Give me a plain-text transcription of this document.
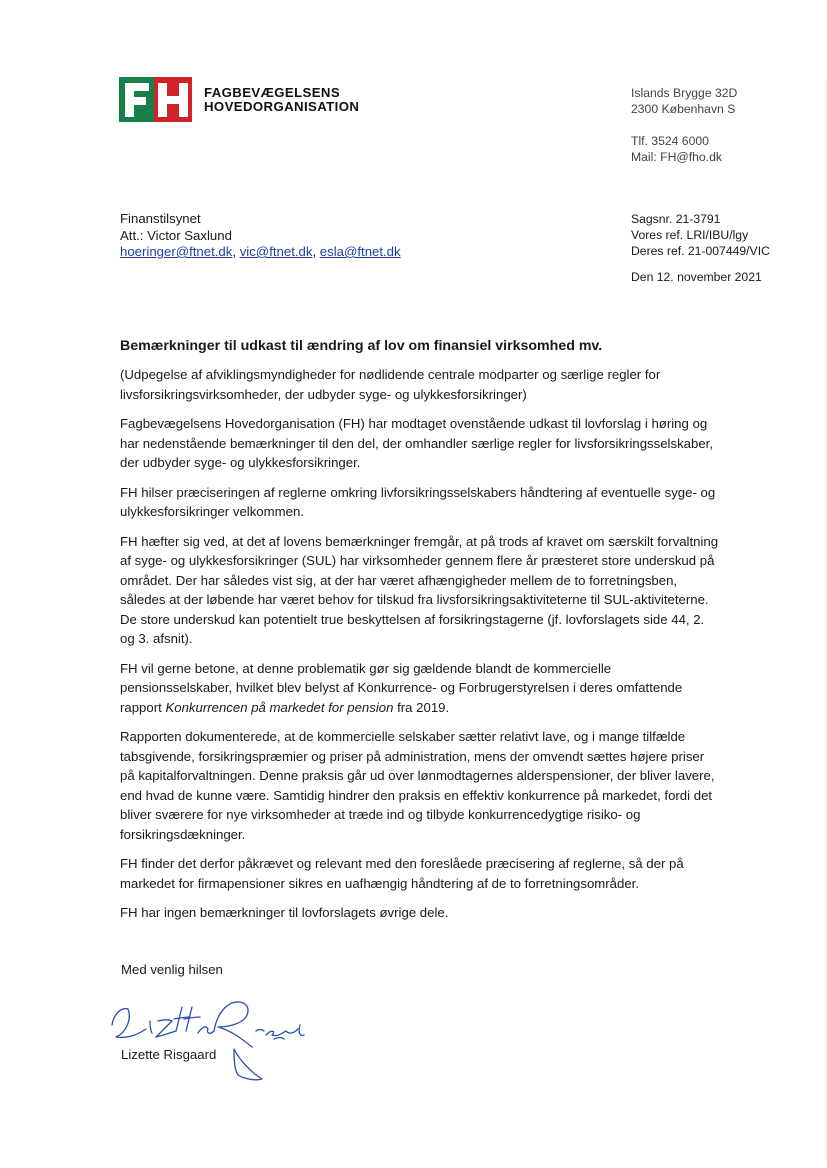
FAGBEVÆGELSENS
HOVEDORGANISATION
Islands Brygge 32D
2300 København S
Tlf. 3524 6000
Mail: FH@fho.dk
Finanstilsynet
Att.: Victor Saxlund
hoeringer@ftnet.dk, vic@ftnet.dk, esla@ftnet.dk
Sagsnr. 21-3791
Vores ref. LRI/IBU/lgy
Deres ref. 21-007449/VIC
Den 12. november 2021
Bemærkninger til udkast til ændring af lov om finansiel virksomhed mv.

(Udpegelse af afviklingsmyndigheder for nødlidende centrale modparter og særlige regler for livsforsikringsvirksomheder, der udbyder syge- og ulykkesforsikringer)

Fagbevægelsens Hovedorganisation (FH) har modtaget ovenstående udkast til lovforslag i høring og har nedenstående bemærkninger til den del, der omhandler særlige regler for livsforsikringsselskaber, der udbyder syge- og ulykkesforsikringer.

FH hilser præciseringen af reglerne omkring livforsikringsselskabers håndtering af eventuelle syge- og ulykkesforsikringer velkommen.

FH hæfter sig ved, at det af lovens bemærkninger fremgår, at på trods af kravet om særskilt forvaltning af syge- og ulykkesforsikringer (SUL) har virksomheder gennem flere år præsteret store underskud på området. Der har således vist sig, at der har været afhængigheder mellem de to forretningsben, således at der løbende har været behov for tilskud fra livsforsikringsaktiviteterne til SUL-aktiviteterne. De store underskud kan potentielt true beskyttelsen af forsikringstagerne (jf. lovforslagets side 44, 2. og 3. afsnit).

FH vil gerne betone, at denne problematik gør sig gældende blandt de kommercielle pensionsselskaber, hvilket blev belyst af Konkurrence- og Forbrugerstyrelsen i deres omfattende rapport Konkurrencen på markedet for pension fra 2019.

Rapporten dokumenterede, at de kommercielle selskaber sætter relativt lave, og i mange tilfælde tabsgivende, forsikringspræmier og priser på administration, mens der omvendt sættes højere priser på kapitalforvaltningen. Denne praksis går ud over lønmodtagernes alderspensioner, der bliver lavere, end hvad de kunne være. Samtidig hindrer den praksis en effektiv konkurrence på markedet, fordi det bliver sværere for nye virksomheder at træde ind og tilbyde konkurrencedygtige risiko- og forsikringsdækninger.

FH finder det derfor påkrævet og relevant med den foreslåede præcisering af reglerne, så der på markedet for firmapensioner sikres en uafhængig håndtering af de to forretningsområder.

FH har ingen bemærkninger til lovforslagets øvrige dele.

Med venlig hilsen
Lizette Risgaard
